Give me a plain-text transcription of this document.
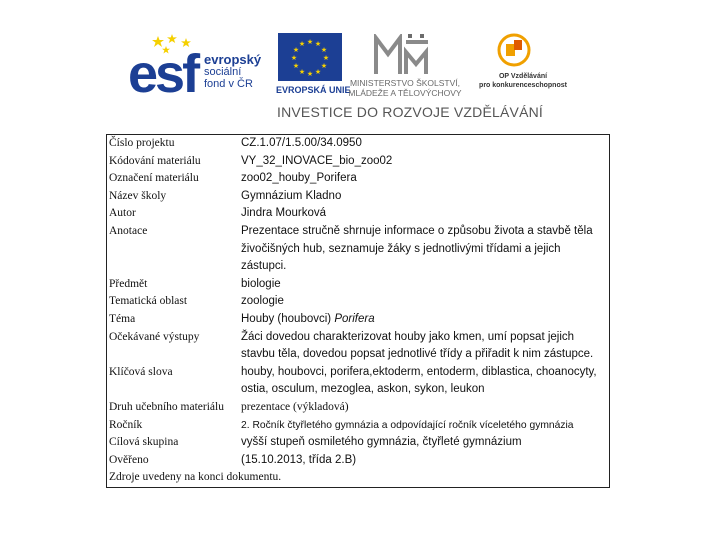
esf evropský
sociální
fond v ČR
★ ★
★
★
★
★
★
★
★
★
★
★
EVROPSKÁ UNIE
MINISTERSTVO ŠKOLSTVÍ,
MLÁDEŽE A TĚLOVÝCHOVY
OP Vzdělávání
pro konkurenceschopnost
INVESTICE DO ROZVOJE VZDĚLÁVÁNÍ
Číslo projektu	CZ.1.07/1.5.00/34.0950
Kódování materiálu	VY_32_INOVACE_bio_zoo02
Označení materiálu	zoo02_houby_Porifera
Název školy	Gymnázium Kladno
Autor	Jindra Mourková
Anotace	Prezentace stručně shrnuje informace o způsobu života a stavbě těla živočišných hub, seznamuje žáky s jednotlivými třídami a jejich zástupci.
Předmět	biologie
Tematická oblast	zoologie
Téma	Houby (houbovci) Porifera
Očekávané výstupy	Žáci dovedou charakterizovat houby jako kmen, umí popsat jejich stavbu těla, dovedou popsat jednotlivé třídy a přiřadit k nim zástupce.
Klíčová slova	houby, houbovci, porifera,ektoderm, entoderm, diblastica, choanocyty, ostia, osculum, mezoglea, askon, sykon, leukon
Druh učebního materiálu	prezentace (výkladová)
Ročník	2. Ročník čtyřletého gymnázia a odpovídající ročník víceletého gymnázia
Cílová skupina	vyšší stupeň osmiletého gymnázia, čtyřleté gymnázium
Ověřeno	(15.10.2013, třída 2.B)
Zdroje uvedeny na konci dokumentu.	
